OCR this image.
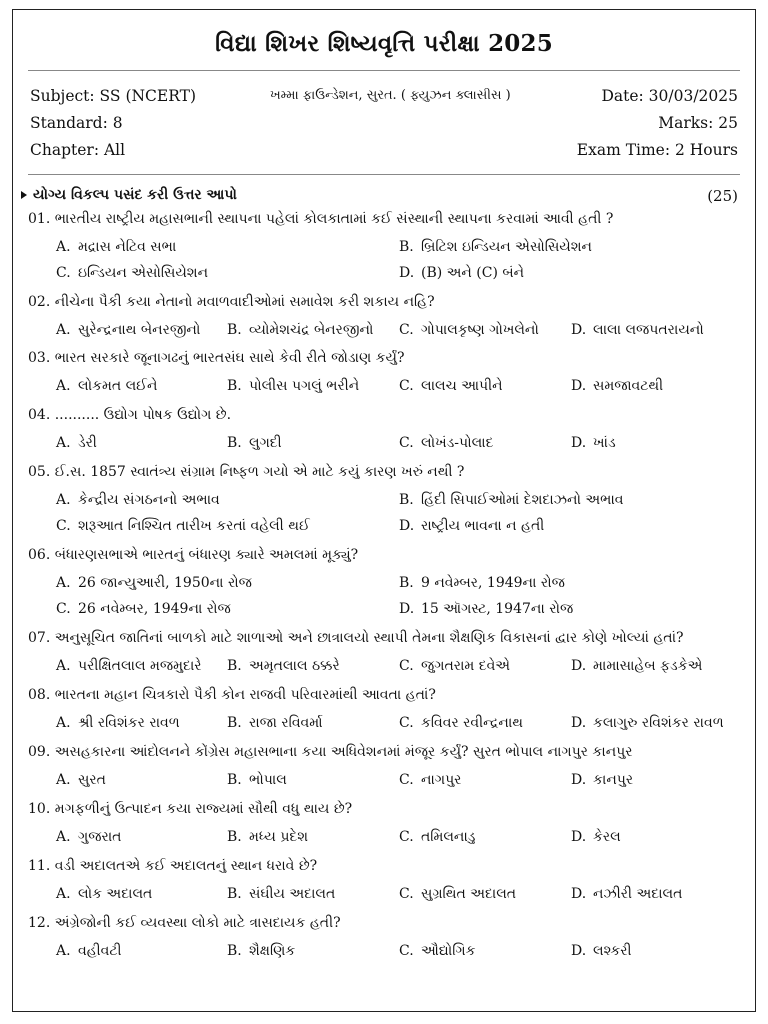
વિદ્યા શિખર શિષ્યવૃત્તિ પરીક્ષા 2025
Subject: SS (NCERT)	ખમ્મા ફાઉન્ડેશન, સુરત. ( ફ્યુઝન ક્લાસીસ )	Date: 30/03/2025
Standard: 8	Marks: 25
Chapter: All	Exam Time: 2 Hours
યોગ્ય વિકલ્પ પસંદ કરી ઉત્તર આપો	(25)
01. ભારતીય રાષ્ટ્રીય મહાસભાની સ્થાપના પહેલાં કોલકાતામાં કઈ સંસ્થાની સ્થાપના કરવામાં આવી હતી ?
A. મદ્રાસ નેટિવ સભા	B. બ્રિટિશ ઇન્ડિયન એસોસિયેશન
C. ઇન્ડિયન એસોસિયેશન	D. (B) અને (C) બંને
02. નીચેના પૈકી કયા નેતાનો મવાળવાદીઓમાં સમાવેશ કરી શકાય નહિ?
A. સુરેન્દ્રનાથ બેનરજીનો B. વ્યોમેશચંદ્ર બેનરજીનો C. ગોપાલકૃષ્ણ ગોખલેનો D. લાલા લજપતરાયનો
03. ભારત સરકારે જૂનાગઢનું ભારતસંઘ સાથે કેવી રીતે જોડાણ કર્યું?
A. લોકમત લઈને	B. પોલીસ પગલું ભરીને	C. લાલચ આપીને	D. સમજાવટથી
04. .......... ઉદ્યોગ પોષક ઉદ્યોગ છે.
A. ડેરી	B. લુગદી	C. લોખંડ-પોલાદ	D. ખાંડ
05. ઈ.સ. 1857 સ્વાતંત્ર્ય સંગ્રામ નિષ્ફળ ગયો એ માટે કયું કારણ ખરું નથી ?
A. કેન્દ્રીય સંગઠનનો અભાવ	B. હિંદી સિપાઈઓમાં દેશદાઝનો અભાવ
C. શરૂઆત નિશ્ચિત તારીખ કરતાં વહેલી થઈ	D. રાષ્ટ્રીય ભાવના ન હતી
06. બંધારણસભાએ ભારતનું બંધારણ ક્યારે અમલમાં મૂક્યું?
A. 26 જાન્યુઆરી, 1950ના રોજ	B. 9 નવેમ્બર, 1949ના રોજ
C. 26 નવેમ્બર, 1949ના રોજ	D. 15 ઑગસ્ટ, 1947ના રોજ
07. અનુસૂચિત જાતિનાં બાળકો માટે શાળાઓ અને છાત્રાલયો સ્થાપી તેમના શૈક્ષણિક વિકાસનાં દ્વાર કોણે ખોલ્યાં હતાં?
A. પરીક્ષિતલાલ મજમુદારે B. અમૃતલાલ ઠક્કરે	C. જુગતરામ દવેએ	D. મામાસાહેબ ફડકેએ
08. ભારતના મહાન ચિત્રકારો પૈકી કોન રાજવી પરિવારમાંથી આવતા હતાં?
A. શ્રી રવિશંકર રાવળ	B. રાજા રવિવર્મા	C. કવિવર રવીન્દ્રનાથ	D. કલાગુરુ રવિશંકર રાવળ
09. અસહકારના આંદોલનને કોંગ્રેસ મહાસભાના કયા અધિવેશનમાં મંજૂર કર્યું? સુરત ભોપાલ નાગપુર કાનપુર
A. સુરત	B. ભોપાલ	C. નાગપુર	D. કાનપુર
10. મગફળીનું ઉત્પાદન કયા રાજ્યમાં સૌથી વધુ થાય છે?
A. ગુજરાત	B. મધ્ય પ્રદેશ	C. તમિલનાડુ	D. કેરલ
11. વડી અદાલતએ કઈ અદાલતનું સ્થાન ધરાવે છે?
A. લોક અદાલત	B. સંઘીય અદાલત	C. સુગ્રથિત અદાલત	D. નઝીરી અદાલત
12. અંગ્રેજોની કઈ વ્યવસ્થા લોકો માટે ત્રાસદાયક હતી?
A. વહીવટી	B. શૈક્ષણિક	C. ઔદ્યોગિક	D. લશ્કરી
